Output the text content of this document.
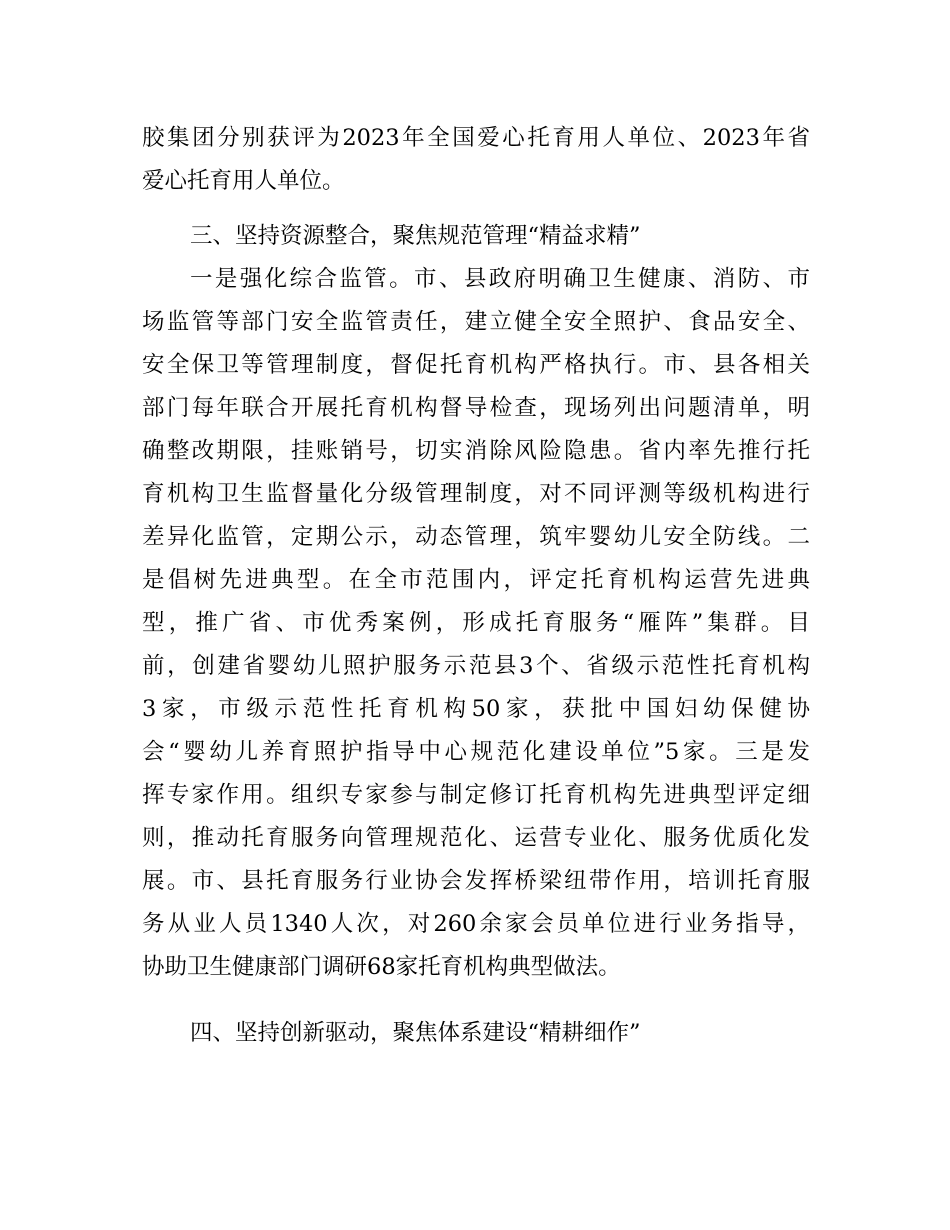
胶集团分别获评为2023年全国爱心托育用人单位、2023年省
爱心托育用人单位。
三、坚持资源整合，聚焦规范管理“精益求精”
一是强化综合监管。市、县政府明确卫生健康、消防、市
场监管等部门安全监管责任，建立健全安全照护、食品安全、
安全保卫等管理制度，督促托育机构严格执行。市、县各相关
部门每年联合开展托育机构督导检查，现场列出问题清单，明
确整改期限，挂账销号，切实消除风险隐患。省内率先推行托
育机构卫生监督量化分级管理制度，对不同评测等级机构进行
差异化监管，定期公示，动态管理，筑牢婴幼儿安全防线。二
是倡树先进典型。在全市范围内，评定托育机构运营先进典
型，推广省、市优秀案例，形成托育服务“雁阵”集群。目
前，创建省婴幼儿照护服务示范县3个、省级示范性托育机构
3家，市级示范性托育机构50家，获批中国妇幼保健协
会“婴幼儿养育照护指导中心规范化建设单位”5家。三是发
挥专家作用。组织专家参与制定修订托育机构先进典型评定细
则，推动托育服务向管理规范化、运营专业化、服务优质化发
展。市、县托育服务行业协会发挥桥梁纽带作用，培训托育服
务从业人员1340人次，对260余家会员单位进行业务指导，
协助卫生健康部门调研68家托育机构典型做法。
四、坚持创新驱动，聚焦体系建设“精耕细作”
